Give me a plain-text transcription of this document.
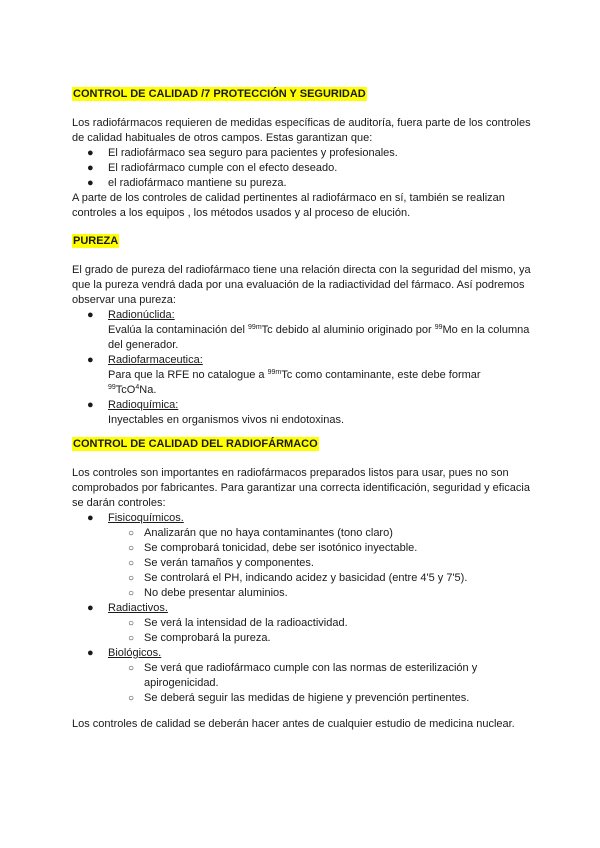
CONTROL DE CALIDAD /7 PROTECCIÓN Y SEGURIDAD

Los radiofármacos requieren de medidas específicas de auditoría, fuera parte de los controles de calidad habituales de otros campos. Estas garantizan que:

● El radiofármaco sea seguro para pacientes y profesionales.
● El radiofármaco cumple con el efecto deseado.
● el radiofármaco mantiene su pureza.

A parte de los controles de calidad pertinentes al radiofármaco en sí, también se realizan controles a los equipos , los métodos usados y al proceso de elución.

PUREZA

El grado de pureza del radiofármaco tiene una relación directa con la seguridad del mismo, ya que la pureza vendrá dada por una evaluación de la radiactividad del fármaco. Así podremos observar una pureza:

● Radionúclida:
Evalúa la contaminación del $^{99m}$Tc debido al aluminio originado por $^{99}$Mo en la columna del generador.
● Radiofarmaceutica:
Para que la RFE no catalogue a $^{99m}$Tc como contaminante, este debe formar
$^{99}$TcO$^4$Na.
● Radioquímica:
Inyectables en organismos vivos ni endotoxinas.
CONTROL DE CALIDAD DEL RADIOFÁRMACO

Los controles son importantes en radiofármacos preparados listos para usar, pues no son comprobados por fabricantes. Para garantizar una correcta identificación, seguridad y eficacia se darán controles:

● Fisicoquímicos.
○ Analizarán que no haya contaminantes (tono claro)
○ Se comprobará tonicidad, debe ser isotónico inyectable.
○ Se verán tamaños y componentes.
○ Se controlará el PH, indicando acidez y basicidad (entre 4'5 y 7'5).
○ No debe presentar aluminios.
● Radiactivos.
○ Se verá la intensidad de la radioactividad.
○ Se comprobará la pureza.
● Biológicos.
○ Se verá que radiofármaco cumple con las normas de esterilización y apirogenicidad.
○ Se deberá seguir las medidas de higiene y prevención pertinentes.

Los controles de calidad se deberán hacer antes de cualquier estudio de medicina nuclear.
